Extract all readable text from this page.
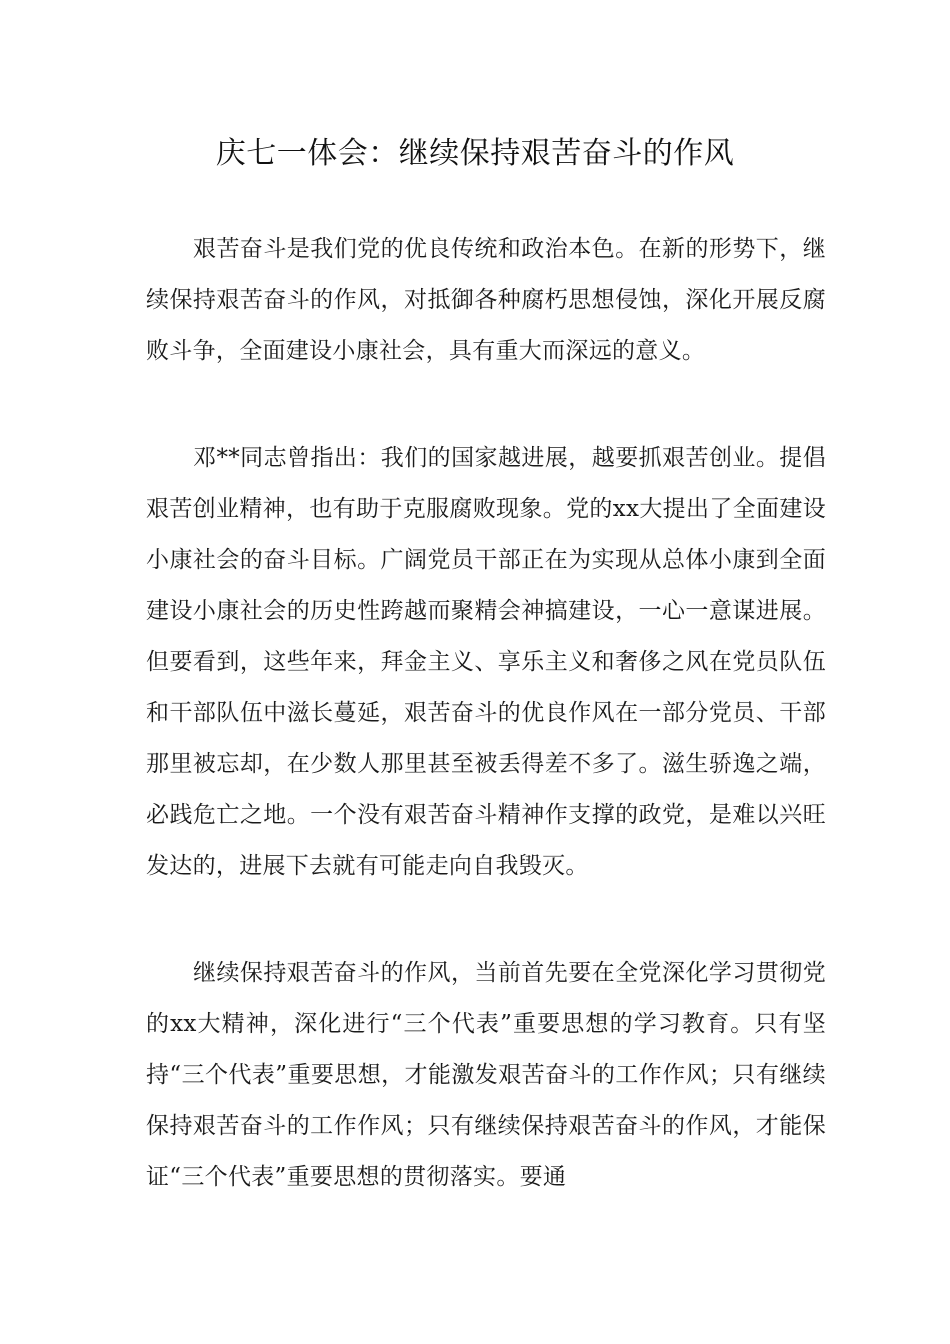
庆七一体会：继续保持艰苦奋斗的作风

艰苦奋斗是我们党的优良传统和政治本色。在新的形势下，继续保持艰苦奋斗的作风，对抵御各种腐朽思想侵蚀，深化开展反腐败斗争，全面建设小康社会，具有重大而深远的意义。

邓**同志曾指出：我们的国家越进展，越要抓艰苦创业。提倡艰苦创业精神，也有助于克服腐败现象。党的xx大提出了全面建设小康社会的奋斗目标。广阔党员干部正在为实现从总体小康到全面建设小康社会的历史性跨越而聚精会神搞建设，一心一意谋进展。但要看到，这些年来，拜金主义、享乐主义和奢侈之风在党员队伍和干部队伍中滋长蔓延，艰苦奋斗的优良作风在一部分党员、干部那里被忘却，在少数人那里甚至被丢得差不多了。滋生骄逸之端，必践危亡之地。一个没有艰苦奋斗精神作支撑的政党，是难以兴旺发达的，进展下去就有可能走向自我毁灭。

继续保持艰苦奋斗的作风，当前首先要在全党深化学习贯彻党的xx大精神，深化进行“三个代表”重要思想的学习教育。只有坚持“三个代表”重要思想，才能激发艰苦奋斗的工作作风；只有继续保持艰苦奋斗的工作作风；只有继续保持艰苦奋斗的作风，才能保证“三个代表”重要思想的贯彻落实。要通
